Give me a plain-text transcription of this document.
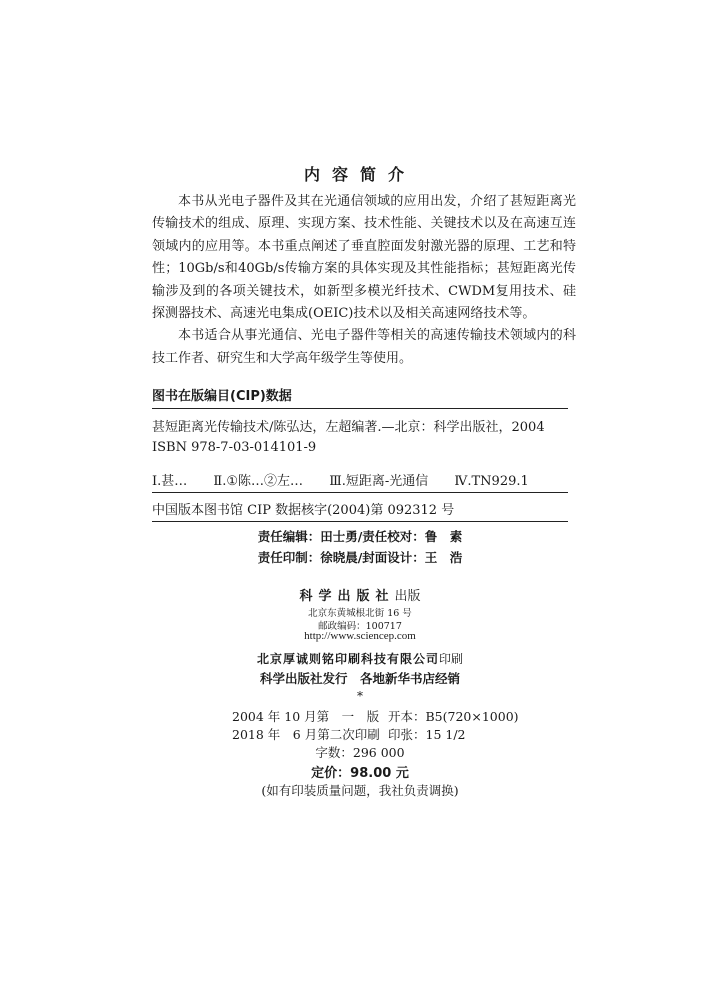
内容简介

本书从光电子器件及其在光通信领域的应用出发，介绍了甚短距离光传输技术的组成、原理、实现方案、技术性能、关键技术以及在高速互连领域内的应用等。本书重点阐述了垂直腔面发射激光器的原理、工艺和特性；10Gb/s和40Gb/s传输方案的具体实现及其性能指标；甚短距离光传输涉及到的各项关键技术，如新型多模光纤技术、CWDM复用技术、硅探测器技术、高速光电集成(OEIC)技术以及相关高速网络技术等。

本书适合从事光通信、光电子器件等相关的高速传输技术领域内的科技工作者、研究生和大学高年级学生等使用。

图书在版编目(CIP)数据
甚短距离光传输技术/陈弘达，左超编著.—北京：科学出版社，2004
ISBN 978-7-03-014101-9
Ⅰ.甚… Ⅱ.①陈…②左… Ⅲ.短距离-光通信 Ⅳ.TN929.1
中国版本图书馆 CIP 数据核字(2004)第 092312 号
责任编辑：田士勇/责任校对：鲁　素
责任印制：徐晓晨/封面设计：王　浩
科学出版社出版
北京东黄城根北街 16 号
邮政编码：100717
http://www.sciencep.com
北京厚诚则铭印刷科技有限公司印刷
科学出版社发行　各地新华书店经销
*
2004 年 10 月第　一　版 开本：B5(720×1000)
2018 年　6 月第二次印刷 印张：15 1/2
字数：296 000
定价：98.00 元
(如有印装质量问题，我社负责调换)
